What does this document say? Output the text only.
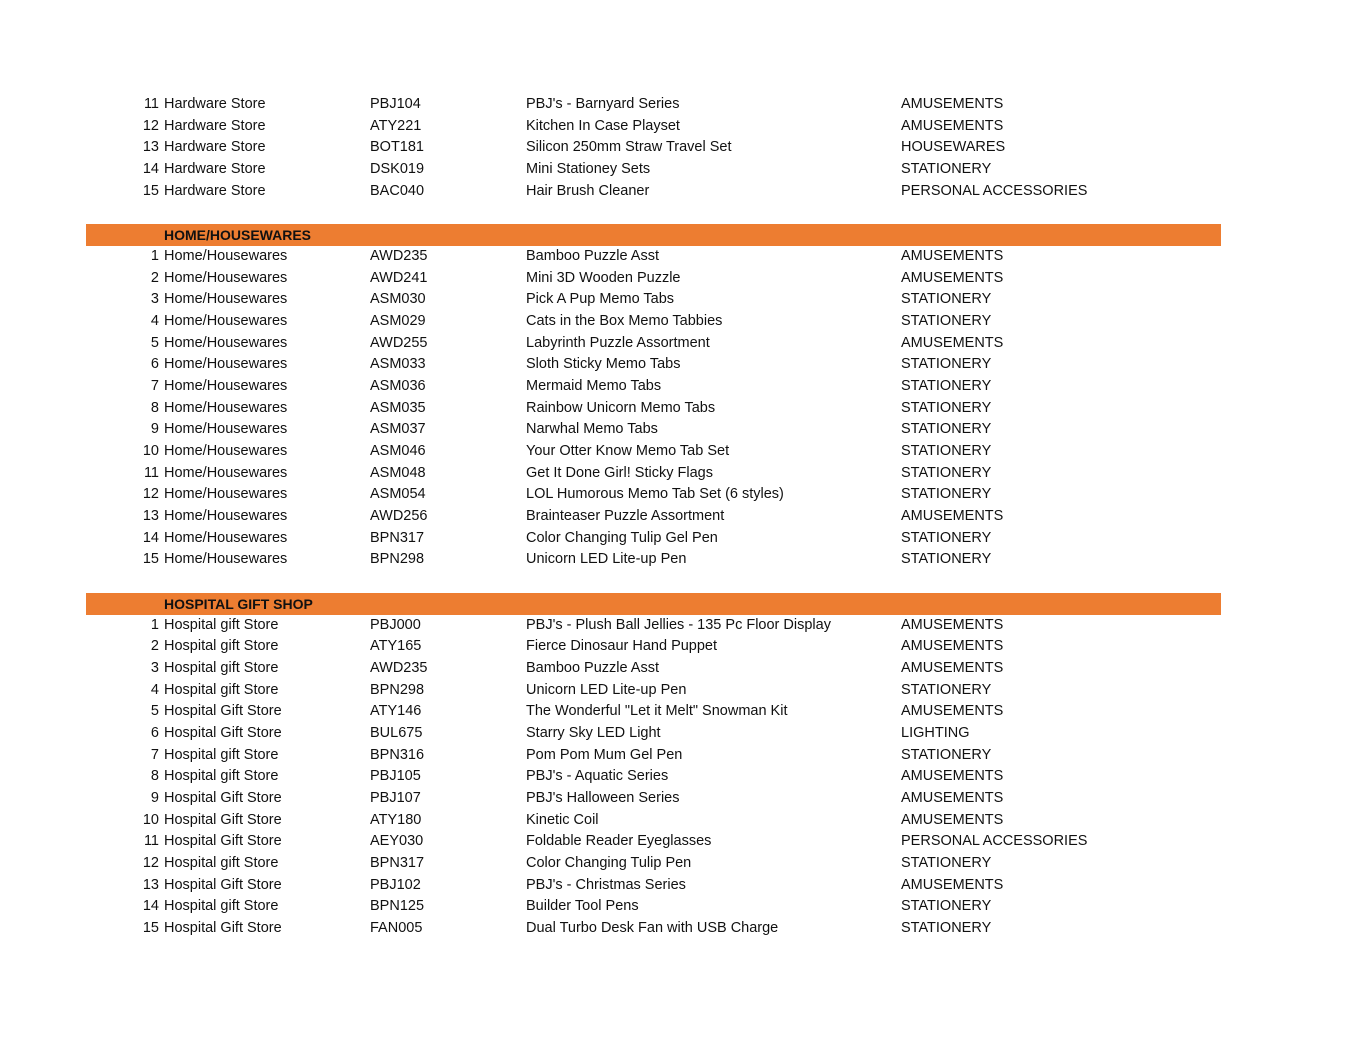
11 Hardware Store	PBJ104	PBJ's - Barnyard Series	AMUSEMENTS
12 Hardware Store	ATY221	Kitchen In Case Playset	AMUSEMENTS
13 Hardware Store	BOT181	Silicon 250mm Straw Travel Set	HOUSEWARES
14 Hardware Store	DSK019	Mini Stationey Sets	STATIONERY
15 Hardware Store	BAC040	Hair Brush Cleaner	PERSONAL ACCESSORIES
HOME/HOUSEWARES
1 Home/Housewares	AWD235	Bamboo Puzzle Asst	AMUSEMENTS
2 Home/Housewares	AWD241	Mini 3D Wooden Puzzle	AMUSEMENTS
3 Home/Housewares	ASM030	Pick A Pup Memo Tabs	STATIONERY
4 Home/Housewares	ASM029	Cats in the Box Memo Tabbies	STATIONERY
5 Home/Housewares	AWD255	Labyrinth Puzzle Assortment	AMUSEMENTS
6 Home/Housewares	ASM033	Sloth Sticky Memo Tabs	STATIONERY
7 Home/Housewares	ASM036	Mermaid Memo Tabs	STATIONERY
8 Home/Housewares	ASM035	Rainbow Unicorn Memo Tabs	STATIONERY
9 Home/Housewares	ASM037	Narwhal Memo Tabs	STATIONERY
10 Home/Housewares	ASM046	Your Otter Know Memo Tab Set	STATIONERY
11 Home/Housewares	ASM048	Get It Done Girl! Sticky Flags	STATIONERY
12 Home/Housewares	ASM054	LOL Humorous Memo Tab Set (6 styles)	STATIONERY
13 Home/Housewares	AWD256	Brainteaser Puzzle Assortment	AMUSEMENTS
14 Home/Housewares	BPN317	Color Changing Tulip Gel Pen	STATIONERY
15 Home/Housewares	BPN298	Unicorn LED Lite-up Pen	STATIONERY
HOSPITAL GIFT SHOP
1 Hospital gift Store	PBJ000	PBJ's - Plush Ball Jellies - 135 Pc Floor Display	AMUSEMENTS
2 Hospital gift Store	ATY165	Fierce Dinosaur Hand Puppet	AMUSEMENTS
3 Hospital gift Store	AWD235	Bamboo Puzzle Asst	AMUSEMENTS
4 Hospital gift Store	BPN298	Unicorn LED Lite-up Pen	STATIONERY
5 Hospital Gift Store	ATY146	The Wonderful "Let it Melt" Snowman Kit	AMUSEMENTS
6 Hospital Gift Store	BUL675	Starry Sky LED Light	LIGHTING
7 Hospital gift Store	BPN316	Pom Pom Mum Gel Pen	STATIONERY
8 Hospital gift Store	PBJ105	PBJ's - Aquatic Series	AMUSEMENTS
9 Hospital Gift Store	PBJ107	PBJ's Halloween Series	AMUSEMENTS
10 Hospital Gift Store	ATY180	Kinetic Coil	AMUSEMENTS
11 Hospital Gift Store	AEY030	Foldable Reader Eyeglasses	PERSONAL ACCESSORIES
12 Hospital gift Store	BPN317	Color Changing Tulip Pen	STATIONERY
13 Hospital Gift Store	PBJ102	PBJ's - Christmas Series	AMUSEMENTS
14 Hospital gift Store	BPN125	Builder Tool Pens	STATIONERY
15 Hospital Gift Store	FAN005	Dual Turbo Desk Fan with USB Charge	STATIONERY
